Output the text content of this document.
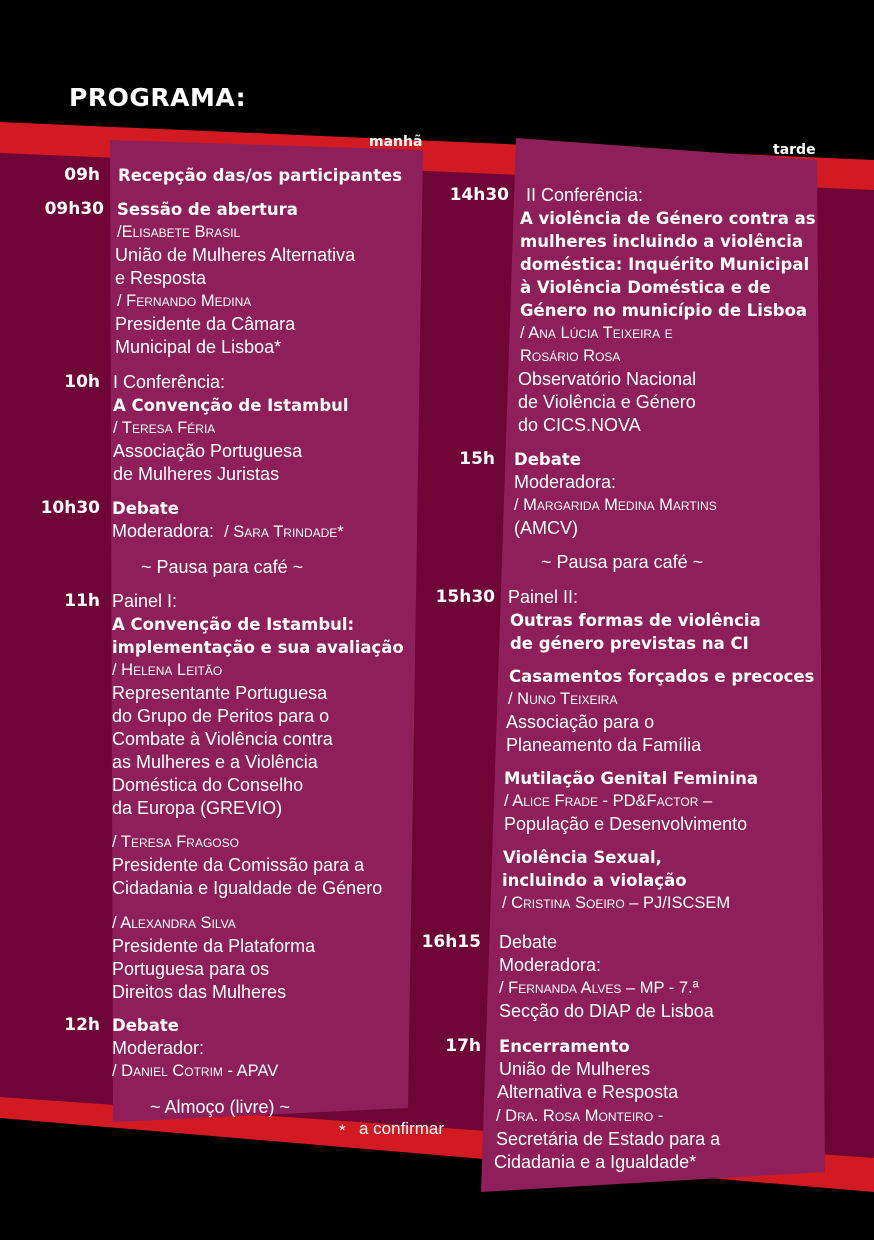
PROGRAMA:
manhã	tarde
09h Recepção das/os participantes
09h30 Sessão de abertura
/Elisabete Brasil
União de Mulheres Alternativa
e Resposta
/ Fernando Medina
Presidente da Câmara
Municipal de Lisboa*
10h I Conferência:
A Convenção de Istambul
/ Teresa Féria
Associação Portuguesa
de Mulheres Juristas
10h30 Debate
Moderadora:  / Sara Trindade*
~ Pausa para café ~
11h Painel I:
A Convenção de Istambul:
implementação e sua avaliação
/ Helena Leitão
Representante Portuguesa
do Grupo de Peritos para o
Combate à Violência contra
as Mulheres e a Violência
Doméstica do Conselho
da Europa (GREVIO)
/ Teresa Fragoso
Presidente da Comissão para a
Cidadania e Igualdade de Género
/ Alexandra Silva
Presidente da Plataforma
Portuguesa para os
Direitos das Mulheres
12h Debate
Moderador:
/ Daniel Cotrim - APAV
~ Almoço (livre) ~
* a confirmar
14h30 II Conferência:
A violência de Género contra as
mulheres incluindo a violência
doméstica: Inquérito Municipal
à Violência Doméstica e de
Género no município de Lisboa
/ Ana Lúcia Teixeira e
Rosário Rosa
Observatório Nacional
de Violência e Género
do CICS.NOVA
15h Debate
Moderadora:
/ Margarida Medina Martins
(AMCV)
~ Pausa para café ~
15h30 Painel II:
Outras formas de violência
de género previstas na CI
Casamentos forçados e precoces
/ Nuno Teixeira
Associação para o
Planeamento da Família
Mutilação Genital Feminina
/ Alice Frade - PD&Factor –
População e Desenvolvimento
Violência Sexual,
incluindo a violação
/ Cristina Soeiro – PJ/ISCSEM
16h15 Debate
Moderadora:
/ Fernanda Alves – MP - 7.ª
Secção do DIAP de Lisboa
17h Encerramento
União de Mulheres
Alternativa e Resposta
/ Dra. Rosa Monteiro -
Secretária de Estado para a
Cidadania e a Igualdade*
